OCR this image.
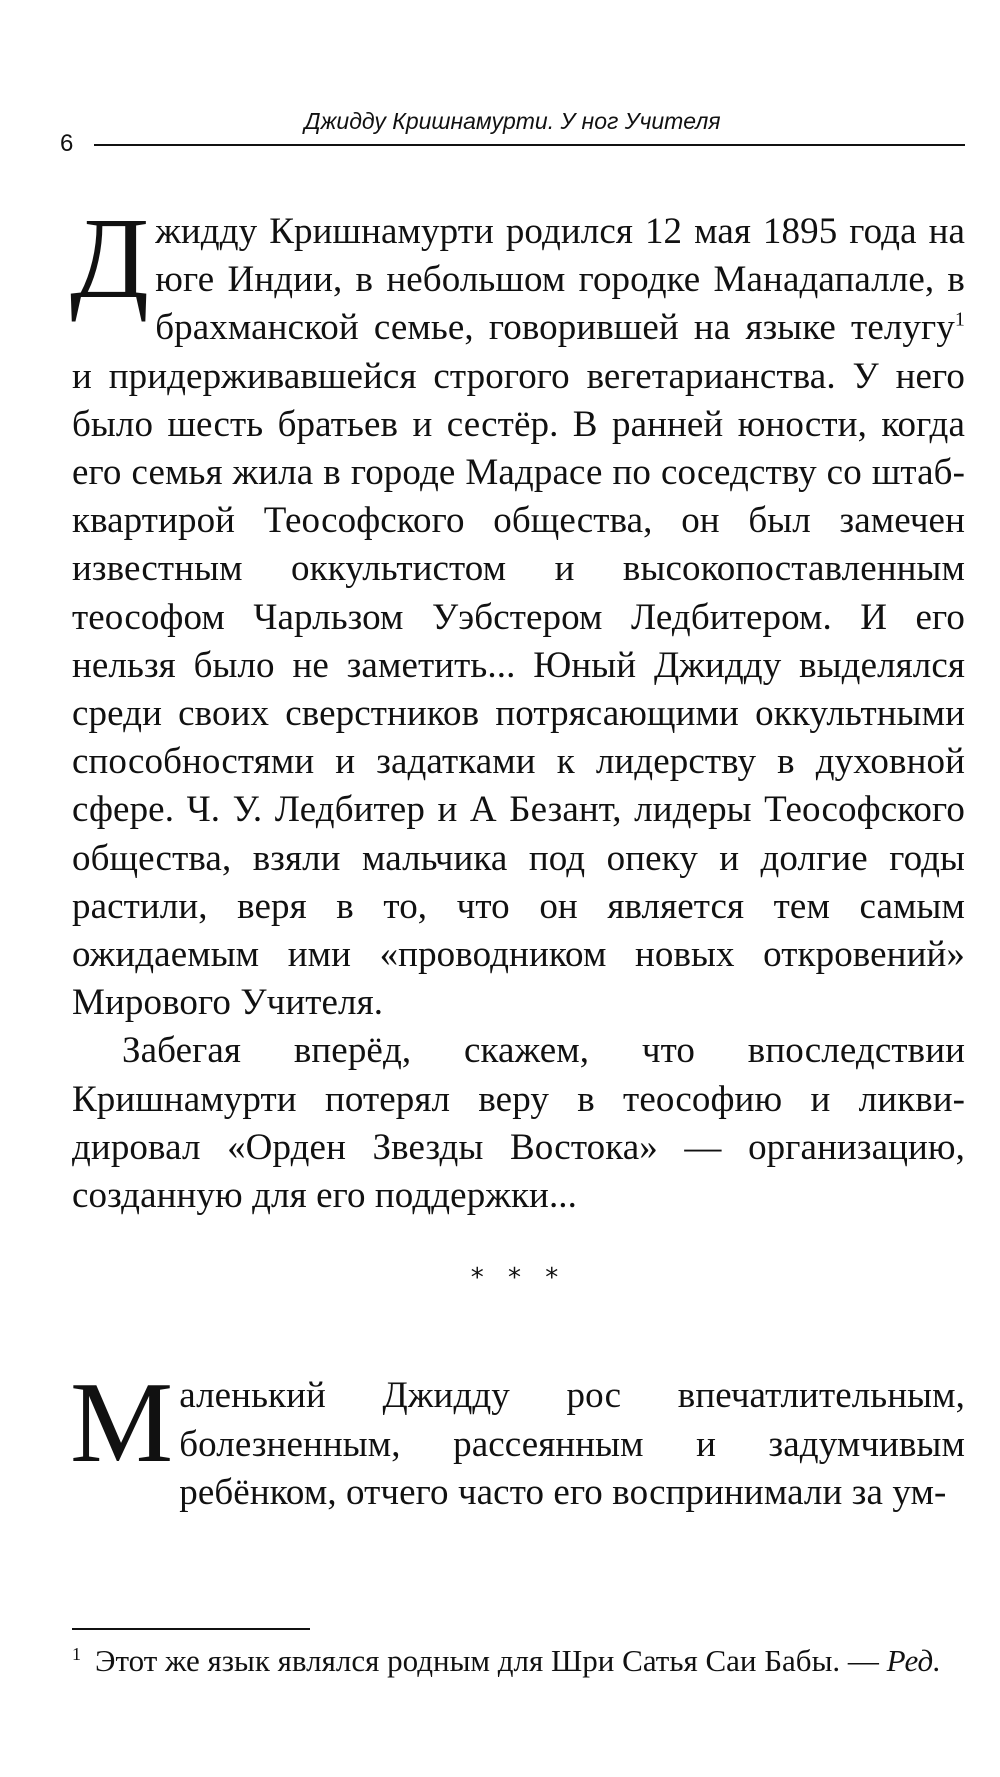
6
Джидду Кришнамурти. У ног Учителя

Джидду Кришнамурти родился 12 мая 1895 года на юге Индии, в небольшом городке Манадапалле, в брахманской семье, говорившей на языке телугу$^1$ и придерживавшейся строгого вегетарианства. У него было шесть братьев и сестёр. В ранней юности, когда его семья жила в городе Мадрасе по соседству со штаб-квартирой Теософского общества, он был замечен известным оккультистом и высокопоставленным теософом Чарльзом Уэбстером Ледбитером. И его нельзя было не заметить... Юный Джидду выделялся среди своих сверстников потрясающими оккультными способностями и задатками к лидерству в духовной сфере. Ч. У. Ледбитер и А Безант, лидеры Теософского общества, взяли мальчика под опеку и долгие годы растили, веря в то, что он является тем самым ожидаемым ими «проводником новых откровений» Мирового Учителя.

Забегая вперёд, скажем, что впоследствии Кришнамурти потерял веру в теософию и ликвидировал «Орден Звезды Востока» — организацию, созданную для его поддержки...

* * *

Маленький Джидду рос впечатлительным, болезненным, рассеянным и задумчивым ребёнком, отчего часто его воспринимали за ум-

$^1$ Этот же язык являлся родным для Шри Сатья Саи Бабы. — Ред.
